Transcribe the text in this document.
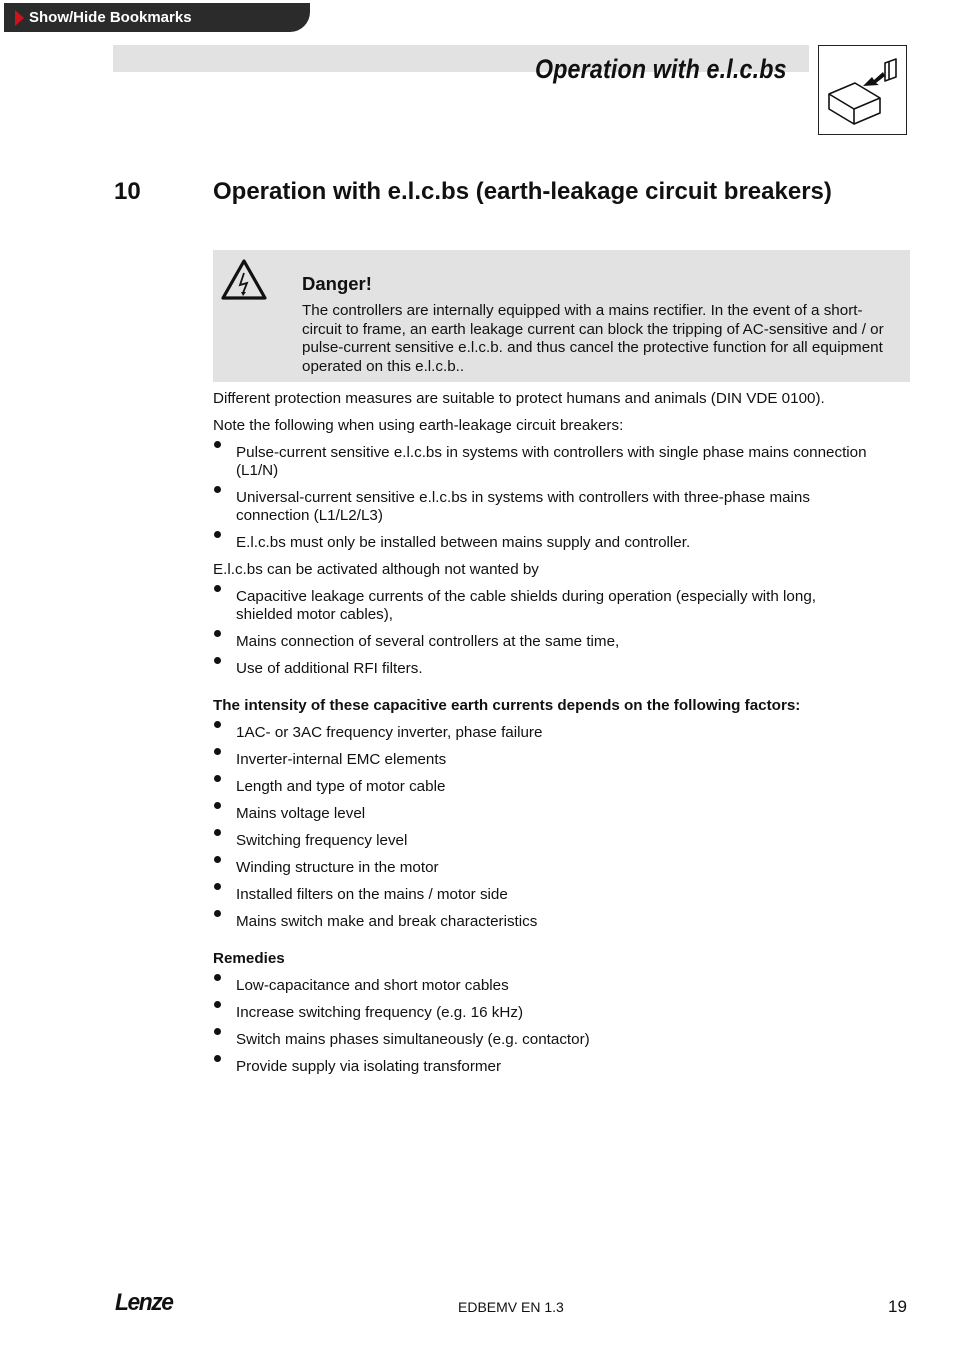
Show/Hide Bookmarks
Operation with e.l.c.bs
10	Operation with e.l.c.bs (earth-leakage circuit breakers)
Danger!
The controllers are internally equipped with a mains rectifier. In the event of a short-circuit to frame, an earth leakage current can block the tripping of AC-sensitive and / or pulse-current sensitive e.l.c.b. and thus cancel the protective function for all equipment operated on this e.l.c.b..

Different protection measures are suitable to protect humans and animals (DIN VDE 0100).

Note the following when using earth-leakage circuit breakers:

Pulse-current sensitive e.l.c.bs in systems with controllers with single phase mains connection (L1/N)
Universal-current sensitive e.l.c.bs in systems with controllers with three-phase mains connection (L1/L2/L3)
E.l.c.bs must only be installed between mains supply and controller.

E.l.c.bs can be activated although not wanted by

Capacitive leakage currents of the cable shields during operation (especially with long, shielded motor cables),
Mains connection of several controllers at the same time,
Use of additional RFI filters.

The intensity of these capacitive earth currents depends on the following factors:

1AC- or 3AC frequency inverter, phase failure
Inverter-internal EMC elements
Length and type of motor cable
Mains voltage level
Switching frequency level
Winding structure in the motor
Installed filters on the mains / motor side
Mains switch make and break characteristics

Remedies

Low-capacitance and short motor cables
Increase switching frequency (e.g. 16 kHz)
Switch mains phases simultaneously (e.g. contactor)
Provide supply via isolating transformer
Lenze	EDBEMV EN 1.3	19
